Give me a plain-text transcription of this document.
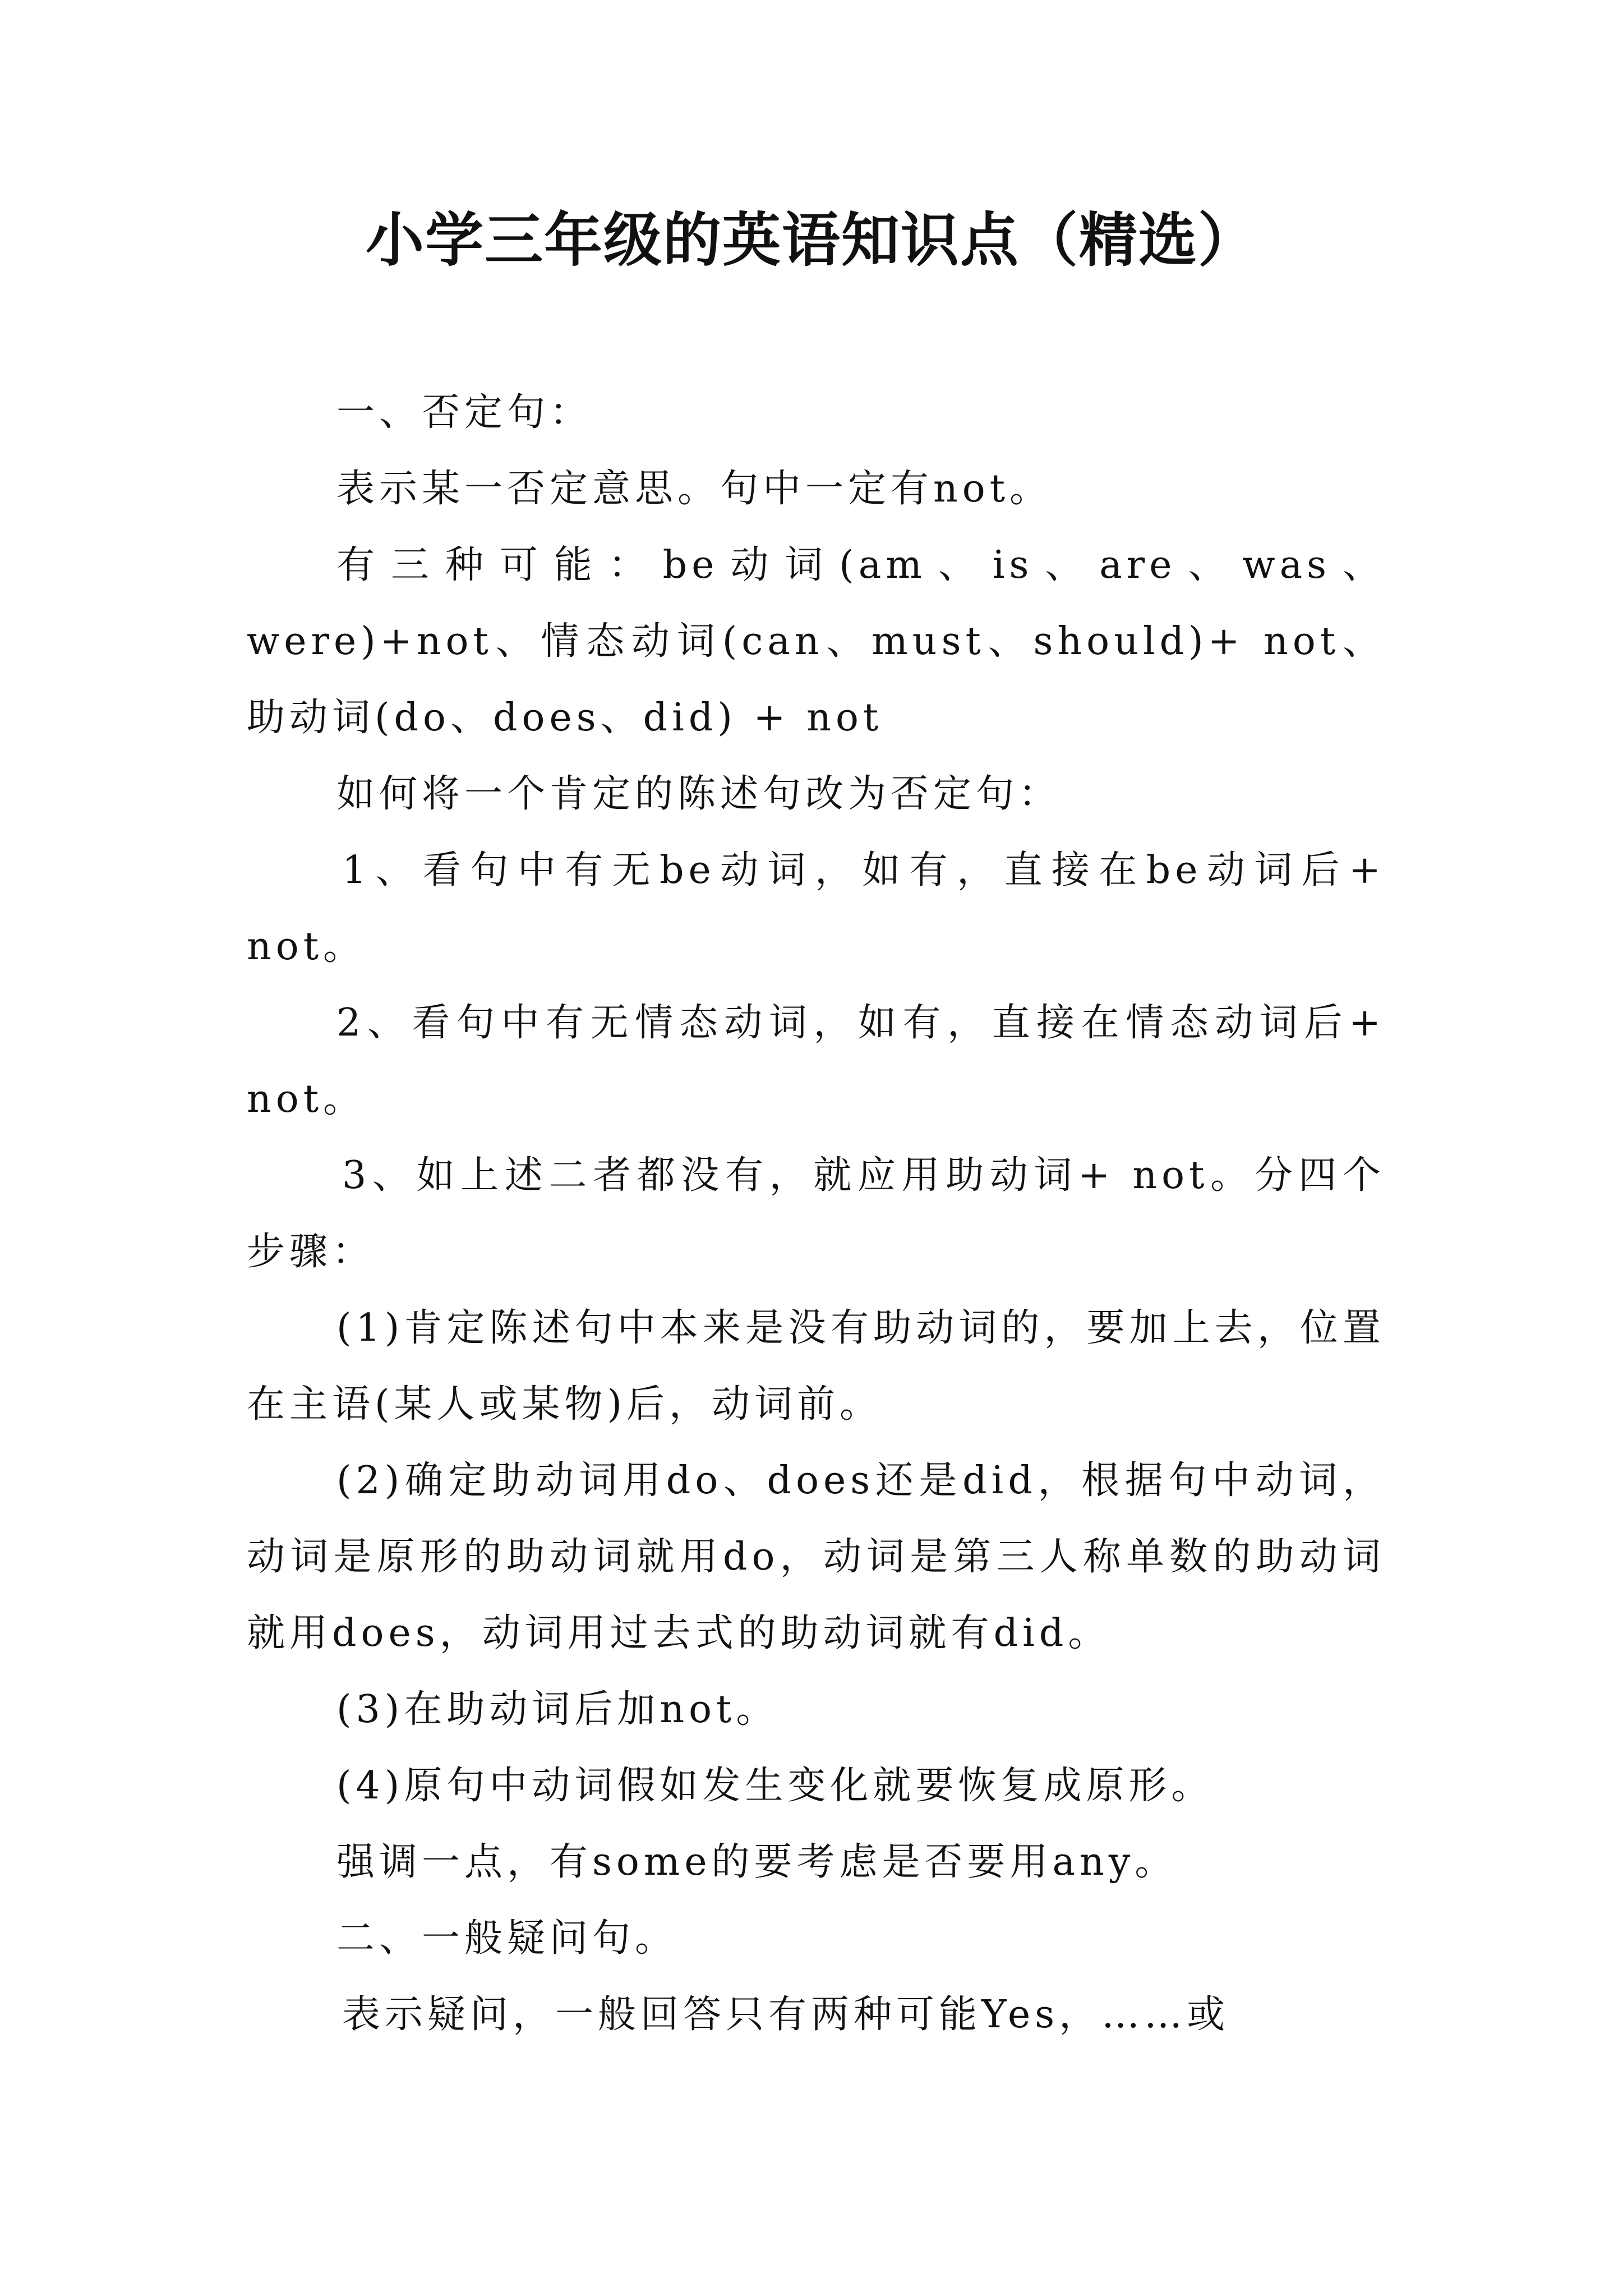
小学三年级的英语知识点（精选）

一、否定句：

表示某一否定意思。句中一定有not。

有三种可能：be动词(am、is、are、was、were)+not、情态动词(can、must、should)+ not、助动词(do、does、did) + not

如何将一个肯定的陈述句改为否定句：

1、看句中有无be动词，如有，直接在be动词后+ not。

2、看句中有无情态动词，如有，直接在情态动词后+ not。

3、如上述二者都没有，就应用助动词+ not。分四个步骤：

(1)肯定陈述句中本来是没有助动词的，要加上去，位置在主语(某人或某物)后，动词前。

(2)确定助动词用do、does还是did，根据句中动词，动词是原形的助动词就用do，动词是第三人称单数的助动词就用does，动词用过去式的助动词就有did。

(3)在助动词后加not。

(4)原句中动词假如发生变化就要恢复成原形。

强调一点，有some的要考虑是否要用any。

二、一般疑问句。

表示疑问，一般回答只有两种可能Yes，……或
